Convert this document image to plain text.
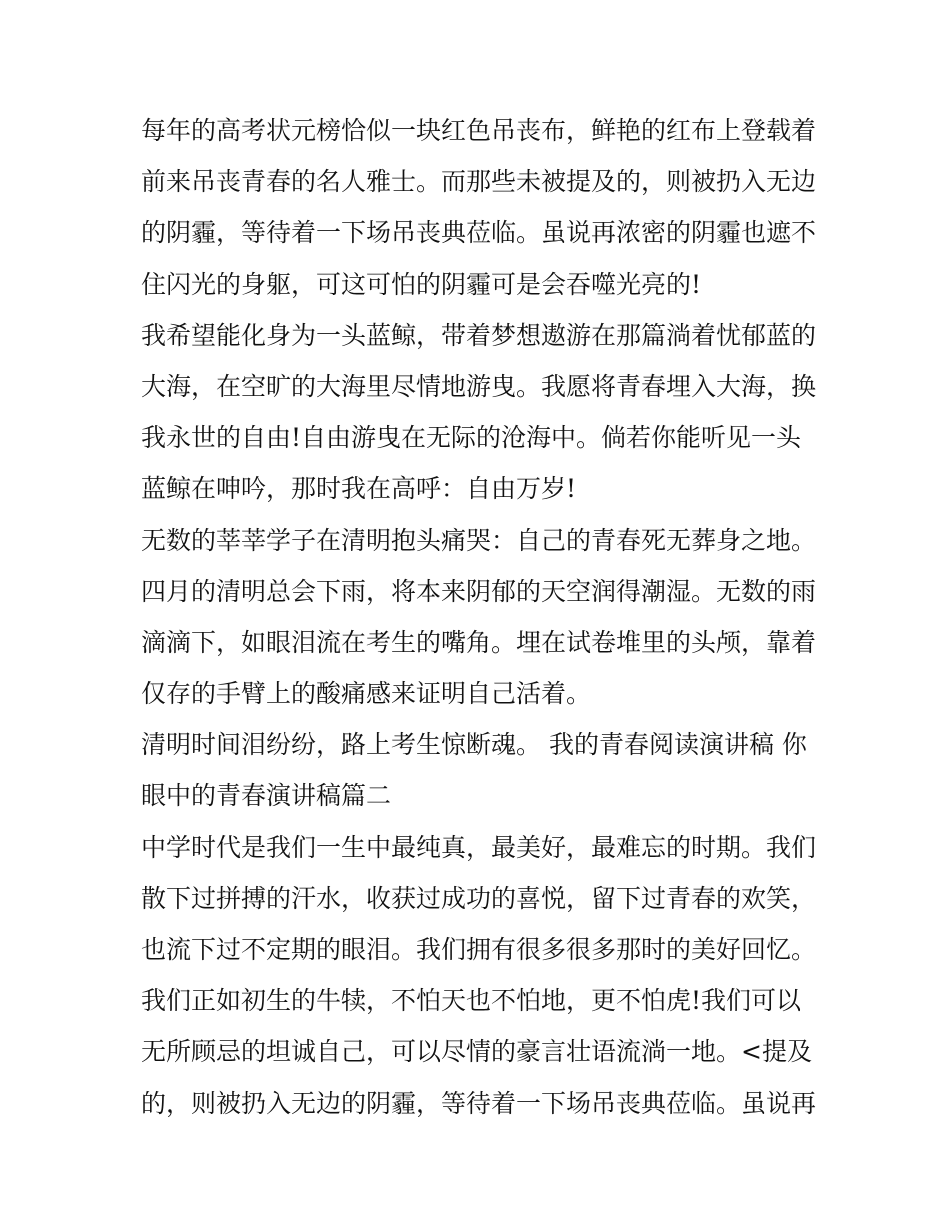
每年的高考状元榜恰似一块红色吊丧布，鲜艳的红布上登载着
前来吊丧青春的名人雅士。而那些未被提及的，则被扔入无边
的阴霾，等待着一下场吊丧典莅临。虽说再浓密的阴霾也遮不
住闪光的身躯，可这可怕的阴霾可是会吞噬光亮的!
我希望能化身为一头蓝鲸，带着梦想遨游在那篇淌着忧郁蓝的
大海，在空旷的大海里尽情地游曳。我愿将青春埋入大海，换
我永世的自由!自由游曳在无际的沧海中。倘若你能听见一头
蓝鲸在呻吟，那时我在高呼：自由万岁!
无数的莘莘学子在清明抱头痛哭：自己的青春死无葬身之地。
四月的清明总会下雨，将本来阴郁的天空润得潮湿。无数的雨
滴滴下，如眼泪流在考生的嘴角。埋在试卷堆里的头颅，靠着
仅存的手臂上的酸痛感来证明自己活着。
清明时间泪纷纷，路上考生惊断魂。 我的青春阅读演讲稿 你
眼中的青春演讲稿篇二
中学时代是我们一生中最纯真，最美好，最难忘的时期。我们
散下过拼搏的汗水，收获过成功的喜悦，留下过青春的欢笑，
也流下过不定期的眼泪。我们拥有很多很多那时的美好回忆。
我们正如初生的牛犊，不怕天也不怕地，更不怕虎!我们可以
无所顾忌的坦诚自己，可以尽情的豪言壮语流淌一地。<提及
的，则被扔入无边的阴霾，等待着一下场吊丧典莅临。虽说再
